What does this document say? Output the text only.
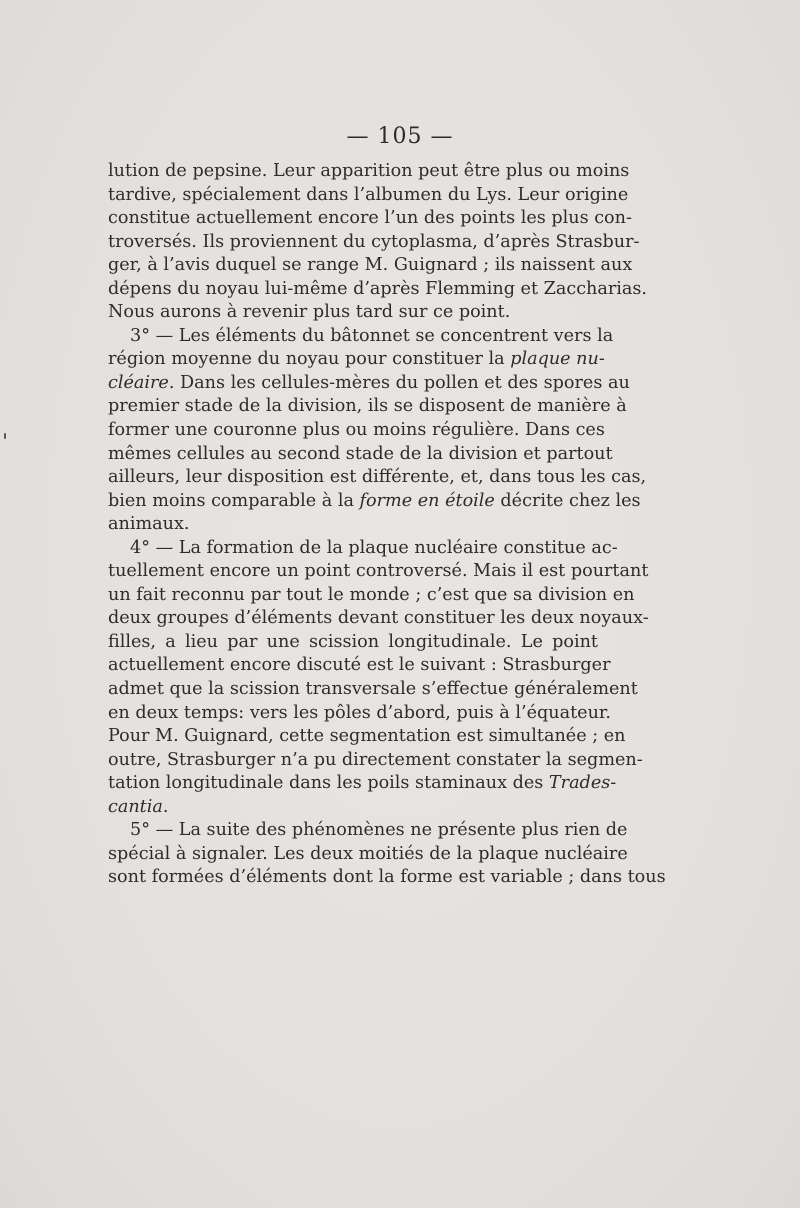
— 105 —
lution de pepsine. Leur apparition peut être plus ou moins
tardive, spécialement dans l’albumen du Lys. Leur origine
constitue actuellement encore l’un des points les plus con-
troversés. Ils proviennent du cytoplasma, d’après Strasbur-
ger, à l’avis duquel se range M. Guignard ; ils naissent aux
dépens du noyau lui-même d’après Flemming et Zaccharias.
Nous aurons à revenir plus tard sur ce point.
3° — Les éléments du bâtonnet se concentrent vers la
région moyenne du noyau pour constituer la plaque nu-
cléaire. Dans les cellules-mères du pollen et des spores au
premier stade de la division, ils se disposent de manière à
former une couronne plus ou moins régulière. Dans ces
mêmes cellules au second stade de la division et partout
ailleurs, leur disposition est différente, et, dans tous les cas,
bien moins comparable à la forme en étoile décrite chez les
animaux.
4° — La formation de la plaque nucléaire constitue ac-
tuellement encore un point controversé. Mais il est pourtant
un fait reconnu par tout le monde ; c’est que sa division en
deux groupes d’éléments devant constituer les deux noyaux-
filles, a lieu par une scission longitudinale. Le point
actuellement encore discuté est le suivant : Strasburger
admet que la scission transversale s’effectue généralement
en deux temps: vers les pôles d’abord, puis à l’équateur.
Pour M. Guignard, cette segmentation est simultanée ; en
outre, Strasburger n’a pu directement constater la segmen-
tation longitudinale dans les poils staminaux des Trades-
cantia.
5° — La suite des phénomènes ne présente plus rien de
spécial à signaler. Les deux moitiés de la plaque nucléaire
sont formées d’éléments dont la forme est variable ; dans tous
